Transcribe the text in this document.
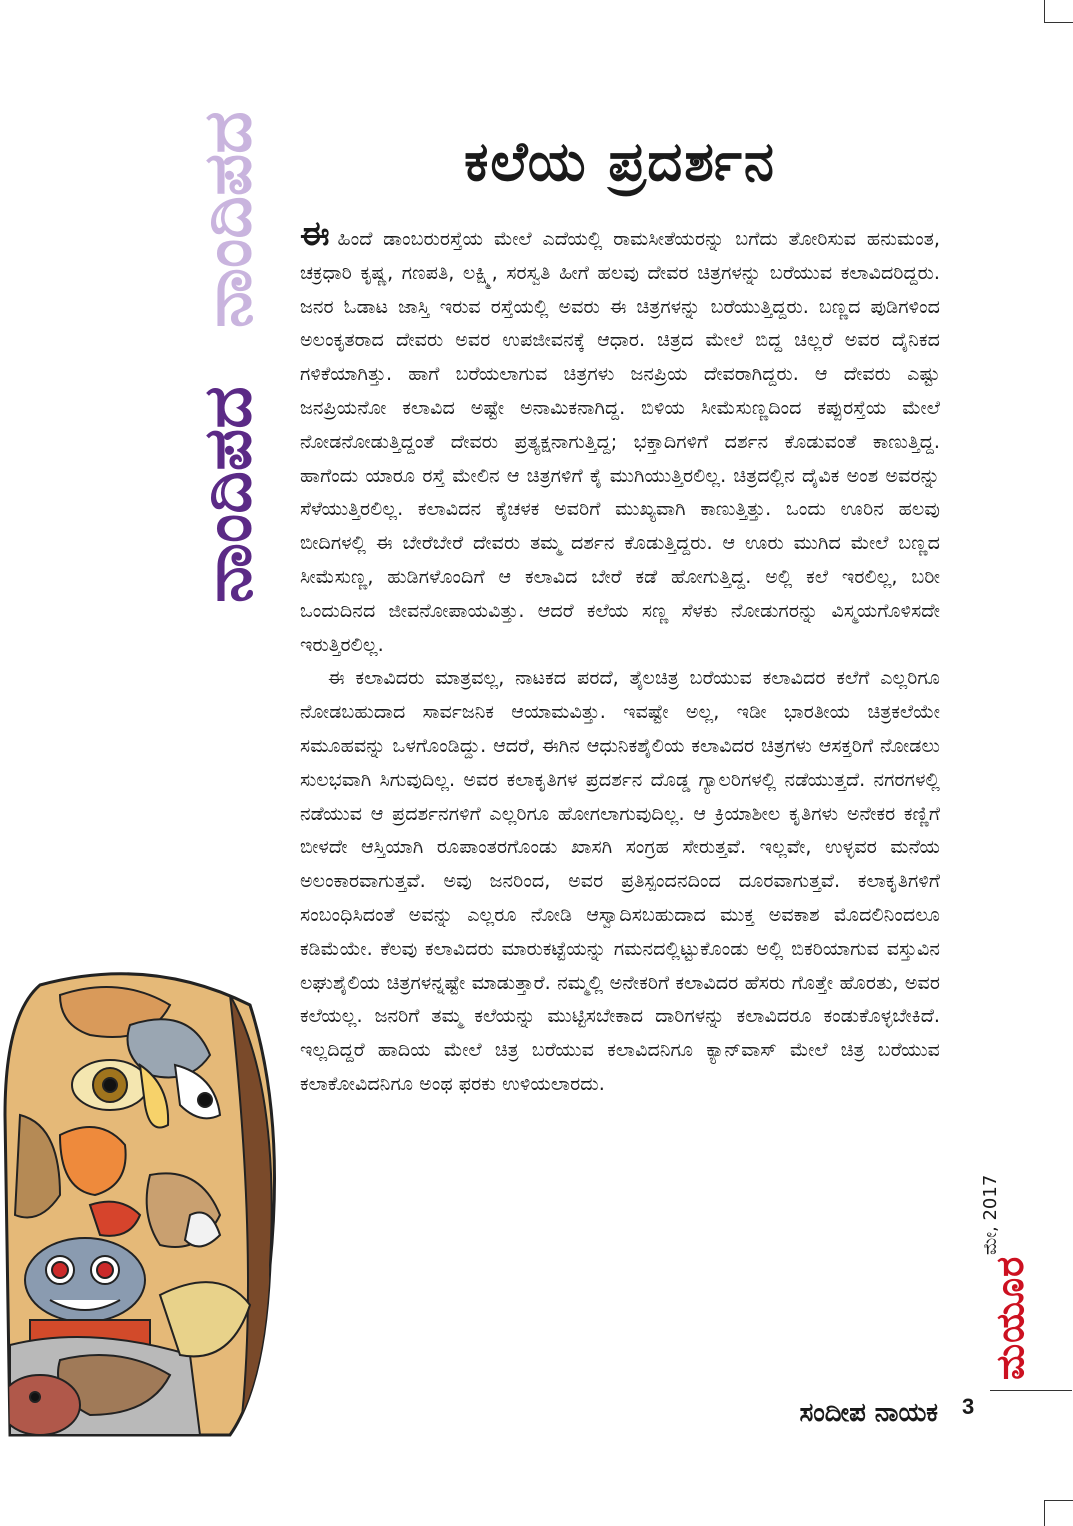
ನಾಂದಿಪದ
ನಾಂದಿಪದ	ಕಲೆಯ ಪ್ರದರ್ಶನ

ಈಹಿಂದೆ ಡಾಂಬರುರಸ್ತೆಯ ಮೇಲೆ ಎದೆಯಲ್ಲಿ ರಾಮಸೀತೆಯರನ್ನು ಬಗೆದು ತೋರಿಸುವ ಹನುಮಂತ, ಚಕ್ರಧಾರಿ ಕೃಷ್ಣ, ಗಣಪತಿ, ಲಕ್ಷ್ಮಿ, ಸರಸ್ವತಿ ಹೀಗೆ ಹಲವು ದೇವರ ಚಿತ್ರಗಳನ್ನು ಬರೆಯುವ ಕಲಾವಿದರಿದ್ದರು. ಜನರ ಓಡಾಟ ಜಾಸ್ತಿ ಇರುವ ರಸ್ತೆಯಲ್ಲಿ ಅವರು ಈ ಚಿತ್ರಗಳನ್ನು ಬರೆಯುತ್ತಿದ್ದರು. ಬಣ್ಣದ ಪುಡಿಗಳಿಂದ ಅಲಂಕೃತರಾದ ದೇವರು ಅವರ ಉಪಜೀವನಕ್ಕೆ ಆಧಾರ. ಚಿತ್ರದ ಮೇಲೆ ಬಿದ್ದ ಚಿಲ್ಲರೆ ಅವರ ದೈನಿಕದ ಗಳಿಕೆಯಾಗಿತ್ತು. ಹಾಗೆ ಬರೆಯಲಾಗುವ ಚಿತ್ರಗಳು ಜನಪ್ರಿಯ ದೇವರಾಗಿದ್ದರು. ಆ ದೇವರು ಎಷ್ಟು ಜನಪ್ರಿಯನೋ ಕಲಾವಿದ ಅಷ್ಟೇ ಅನಾಮಿಕನಾಗಿದ್ದ. ಬಿಳಿಯ ಸೀಮೆಸುಣ್ಣದಿಂದ ಕಪ್ಪುರಸ್ತೆಯ ಮೇಲೆ ನೋಡನೋಡುತ್ತಿದ್ದಂತೆ ದೇವರು ಪ್ರತ್ಯಕ್ಷನಾಗುತ್ತಿದ್ದ; ಭಕ್ತಾದಿಗಳಿಗೆ ದರ್ಶನ ಕೊಡುವಂತೆ ಕಾಣುತ್ತಿದ್ದ. ಹಾಗೆಂದು ಯಾರೂ ರಸ್ತೆ ಮೇಲಿನ ಆ ಚಿತ್ರಗಳಿಗೆ ಕೈ ಮುಗಿಯುತ್ತಿರಲಿಲ್ಲ. ಚಿತ್ರದಲ್ಲಿನ ದೈವಿಕ ಅಂಶ ಅವರನ್ನು ಸೆಳೆಯುತ್ತಿರಲಿಲ್ಲ. ಕಲಾವಿದನ ಕೈಚಳಕ ಅವರಿಗೆ ಮುಖ್ಯವಾಗಿ ಕಾಣುತ್ತಿತ್ತು. ಒಂದು ಊರಿನ ಹಲವು ಬೀದಿಗಳಲ್ಲಿ ಈ ಬೇರೆಬೇರೆ ದೇವರು ತಮ್ಮ ದರ್ಶನ ಕೊಡುತ್ತಿದ್ದರು. ಆ ಊರು ಮುಗಿದ ಮೇಲೆ ಬಣ್ಣದ ಸೀಮೆಸುಣ್ಣ, ಹುಡಿಗಳೊಂದಿಗೆ ಆ ಕಲಾವಿದ ಬೇರೆ ಕಡೆ ಹೋಗುತ್ತಿದ್ದ. ಅಲ್ಲಿ ಕಲೆ ಇರಲಿಲ್ಲ, ಬರೀ ಒಂದುದಿನದ ಜೀವನೋಪಾಯವಿತ್ತು. ಆದರೆ ಕಲೆಯ ಸಣ್ಣ ಸೆಳಕು ನೋಡುಗರನ್ನು ವಿಸ್ಮಯಗೊಳಿಸದೇ ಇರುತ್ತಿರಲಿಲ್ಲ.

ಈ ಕಲಾವಿದರು ಮಾತ್ರವಲ್ಲ, ನಾಟಕದ ಪರದೆ, ತೈಲಚಿತ್ರ ಬರೆಯುವ ಕಲಾವಿದರ ಕಲೆಗೆ ಎಲ್ಲರಿಗೂ ನೋಡಬಹುದಾದ ಸಾರ್ವಜನಿಕ ಆಯಾಮವಿತ್ತು. ಇವಷ್ಟೇ ಅಲ್ಲ, ಇಡೀ ಭಾರತೀಯ ಚಿತ್ರಕಲೆಯೇ ಸಮೂಹವನ್ನು ಒಳಗೊಂಡಿದ್ದು. ಆದರೆ, ಈಗಿನ ಆಧುನಿಕಶೈಲಿಯ ಕಲಾವಿದರ ಚಿತ್ರಗಳು ಆಸಕ್ತರಿಗೆ ನೋಡಲು ಸುಲಭವಾಗಿ ಸಿಗುವುದಿಲ್ಲ. ಅವರ ಕಲಾಕೃತಿಗಳ ಪ್ರದರ್ಶನ ದೊಡ್ಡ ಗ್ಯಾಲರಿಗಳಲ್ಲಿ ನಡೆಯುತ್ತದೆ. ನಗರಗಳಲ್ಲಿ ನಡೆಯುವ ಆ ಪ್ರದರ್ಶನಗಳಿಗೆ ಎಲ್ಲರಿಗೂ ಹೋಗಲಾಗುವುದಿಲ್ಲ. ಆ ಕ್ರಿಯಾಶೀಲ ಕೃತಿಗಳು ಅನೇಕರ ಕಣ್ಣಿಗೆ ಬೀಳದೇ ಆಸ್ತಿಯಾಗಿ ರೂಪಾಂತರಗೊಂಡು ಖಾಸಗಿ ಸಂಗ್ರಹ ಸೇರುತ್ತವೆ. ಇಲ್ಲವೇ, ಉಳ್ಳವರ ಮನೆಯ ಅಲಂಕಾರವಾಗುತ್ತವೆ. ಅವು ಜನರಿಂದ, ಅವರ ಪ್ರತಿಸ್ಪಂದನದಿಂದ ದೂರವಾಗುತ್ತವೆ. ಕಲಾಕೃತಿಗಳಿಗೆ ಸಂಬಂಧಿಸಿದಂತೆ ಅವನ್ನು ಎಲ್ಲರೂ ನೋಡಿ ಆಸ್ವಾದಿಸಬಹುದಾದ ಮುಕ್ತ ಅವಕಾಶ ಮೊದಲಿನಿಂದಲೂ ಕಡಿಮೆಯೇ. ಕೆಲವು ಕಲಾವಿದರು ಮಾರುಕಟ್ಟೆಯನ್ನು ಗಮನದಲ್ಲಿಟ್ಟುಕೊಂಡು ಅಲ್ಲಿ ಬಿಕರಿಯಾಗುವ ವಸ್ತುವಿನ ಲಘುಶೈಲಿಯ ಚಿತ್ರಗಳನ್ನಷ್ಟೇ ಮಾಡುತ್ತಾರೆ. ನಮ್ಮಲ್ಲಿ ಅನೇಕರಿಗೆ ಕಲಾವಿದರ ಹೆಸರು ಗೊತ್ತೇ ಹೊರತು, ಅವರ ಕಲೆಯಲ್ಲ. ಜನರಿಗೆ ತಮ್ಮ ಕಲೆಯನ್ನು ಮುಟ್ಟಿಸಬೇಕಾದ ದಾರಿಗಳನ್ನು ಕಲಾವಿದರೂ ಕಂಡುಕೊಳ್ಳಬೇಕಿದೆ. ಇಲ್ಲದಿದ್ದರೆ ಹಾದಿಯ ಮೇಲೆ ಚಿತ್ರ ಬರೆಯುವ ಕಲಾವಿದನಿಗೂ ಕ್ಯಾನ್‌ವಾಸ್ ಮೇಲೆ ಚಿತ್ರ ಬರೆಯುವ ಕಲಾಕೋವಿದನಿಗೂ ಅಂಥ ಫರಕು ಉಳಿಯಲಾರದು.

ಸಂದೀಪ ನಾಯಕ
ಮೇ, 2017
ಮಯೂರ
3
